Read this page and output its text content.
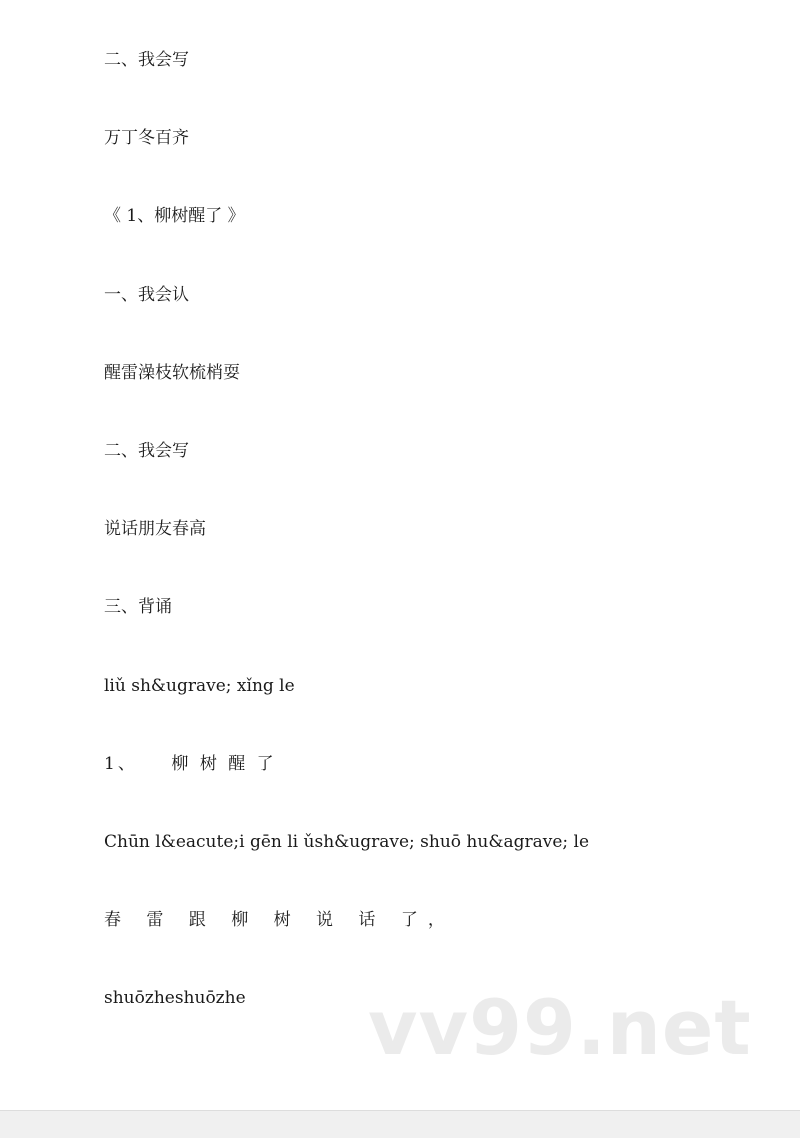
二、我会写
万丁冬百齐
《 1、柳树醒了 》
一、我会认
醒雷澡枝软梳梢耍
二、我会写
说话朋友春高
三、背诵
liǔ sh&ugrave; xǐng le
1、    柳 树 醒 了
Chūn l&eacute;i gēn li ǔsh&ugrave; shuō hu&agrave; le
春 雷 跟 柳 树 说 话 了，
shuōzheshuōzhe vv99.net
